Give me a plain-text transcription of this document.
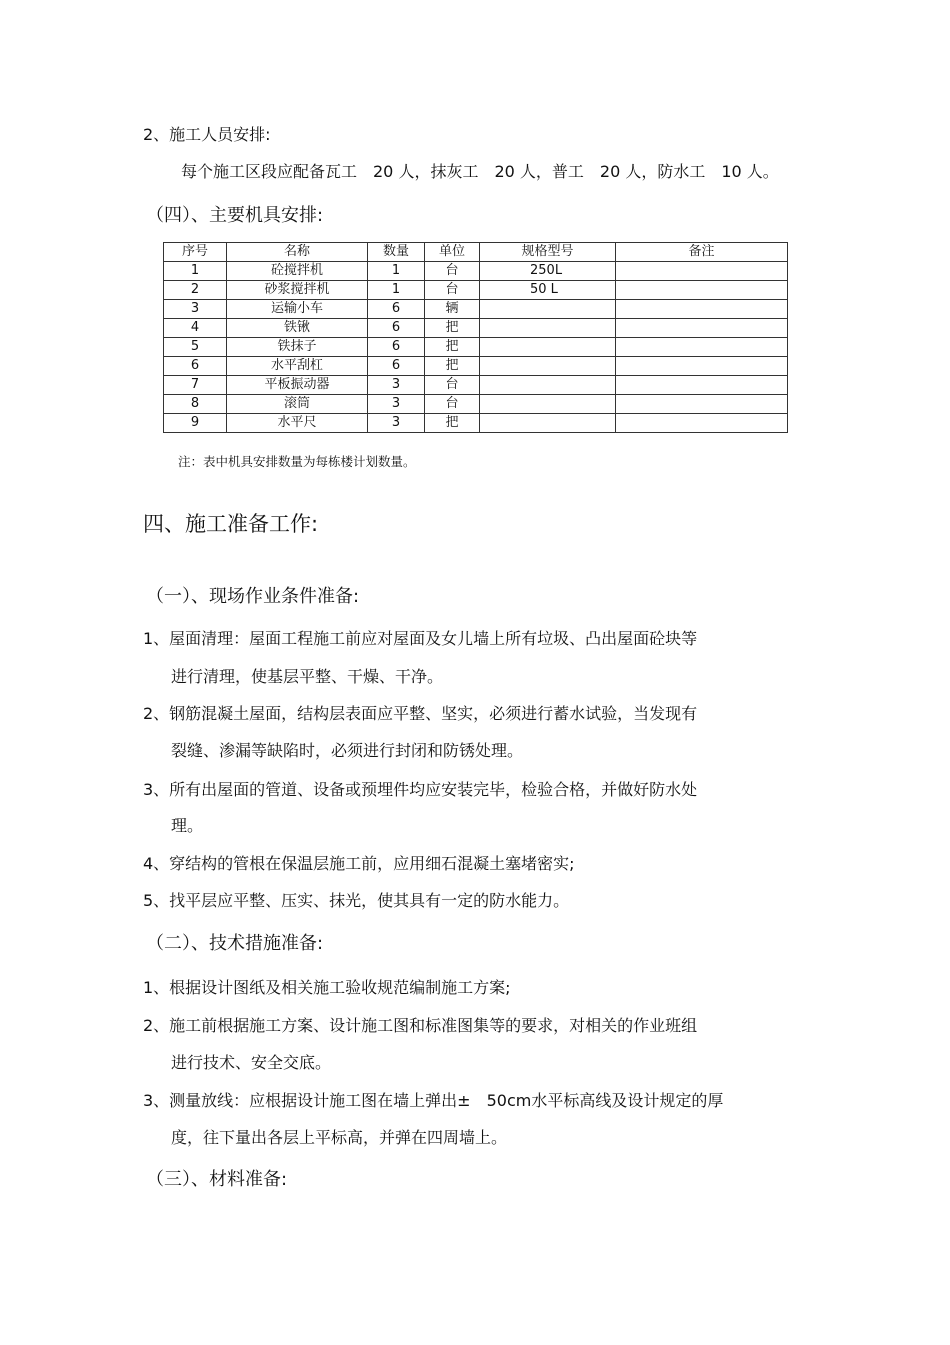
2、施工人员安排:
每个施工区段应配备瓦工　20 人，抹灰工　20 人，普工　20 人，防水工　10 人。
（四）、主要机具安排:
序号	名称	数量	单位	规格型号	备注
1	砼搅拌机	1	台	250L	
2	砂浆搅拌机	1	台	50 L	
3	运输小车	6	辆		
4	铁锹	6	把		
5	铁抹子	6	把		
6	水平刮杠	6	把		
7	平板振动器	3	台		
8	滚筒	3	台		
9	水平尺	3	把		
注：表中机具安排数量为每栋楼计划数量。
四、施工准备工作:
（一）、现场作业条件准备:
1、屋面清理：屋面工程施工前应对屋面及女儿墙上所有垃圾、凸出屋面砼块等
进行清理，使基层平整、干燥、干净。
2、钢筋混凝土屋面，结构层表面应平整、坚实，必须进行蓄水试验，当发现有
裂缝、渗漏等缺陷时，必须进行封闭和防锈处理。
3、所有出屋面的管道、设备或预埋件均应安装完毕，检验合格，并做好防水处
理。
4、穿结构的管根在保温层施工前，应用细石混凝土塞堵密实;
5、找平层应平整、压实、抹光，使其具有一定的防水能力。
（二）、技术措施准备:
1、根据设计图纸及相关施工验收规范编制施工方案;
2、施工前根据施工方案、设计施工图和标准图集等的要求，对相关的作业班组
进行技术、安全交底。
3、测量放线：应根据设计施工图在墙上弹出±　50cm水平标高线及设计规定的厚
度，往下量出各层上平标高，并弹在四周墙上。
（三）、材料准备:
